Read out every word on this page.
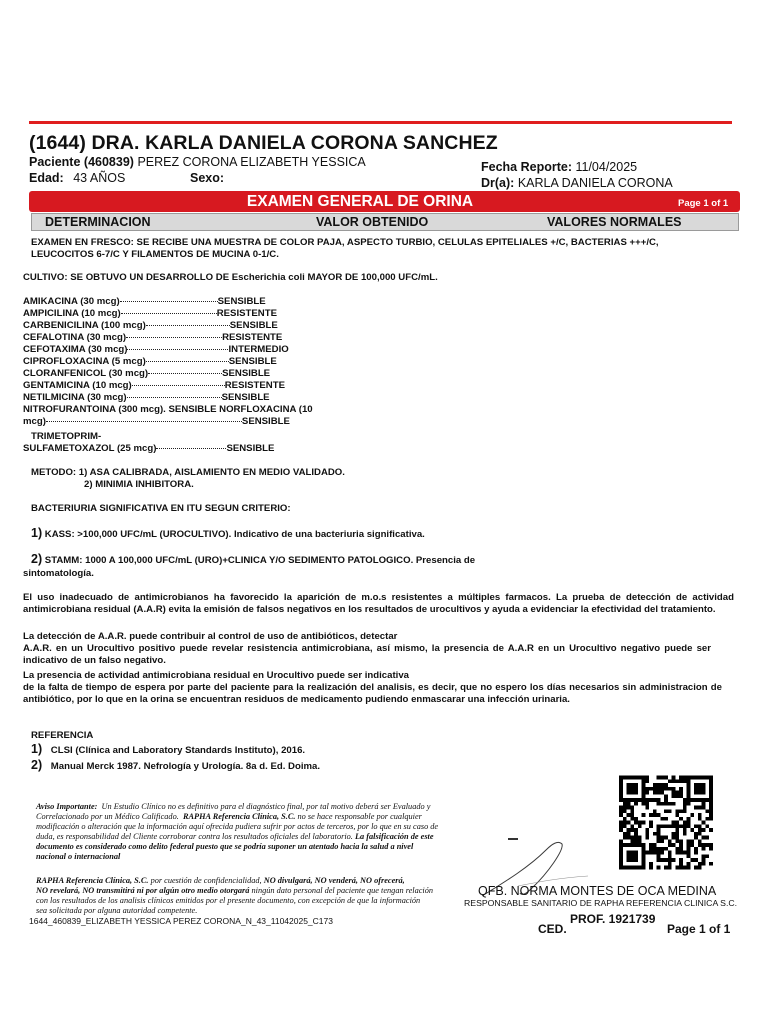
(1644) DRA. KARLA DANIELA CORONA SANCHEZ
Paciente (460839) PEREZ CORONA ELIZABETH YESSICA
Edad: 43 AÑOS	Sexo:
Fecha Reporte: 11/04/2025
Dr(a): KARLA DANIELA CORONA
EXAMEN GENERAL DE ORINA	Page 1 of 1
DETERMINACION	VALOR OBTENIDO	VALORES NORMALES
EXAMEN EN FRESCO: SE RECIBE UNA MUESTRA DE COLOR PAJA, ASPECTO TURBIO, CELULAS EPITELIALES +/C, BACTERIAS +++/C,
LEUCOCITOS 6-7/C Y FILAMENTOS DE MUCINA 0-1/C.
CULTIVO: SE OBTUVO UN DESARROLLO DE Escherichia coli MAYOR DE 100,000 UFC/mL.
AMIKACINA (30 mcg)	SENSIBLE
AMPICILINA (10 mcg)	RESISTENTE
CARBENICILINA (100 mcg)	SENSIBLE
CEFALOTINA (30 mcg)	RESISTENTE
CEFOTAXIMA (30 mcg)	INTERMEDIO
CIPROFLOXACINA (5 mcg)	SENSIBLE
CLORANFENICOL (30 mcg)	SENSIBLE
GENTAMICINA (10 mcg)	RESISTENTE
NETILMICINA (30 mcg)	SENSIBLE
NITROFURANTOINA (300 mcg). SENSIBLE NORFLOXACINA (10
mcg)	SENSIBLE
TRIMETOPRIM-
SULFAMETOXAZOL (25 mcg)	SENSIBLE
METODO: 1) ASA CALIBRADA, AISLAMIENTO EN MEDIO VALIDADO.
2) MINIMIA INHIBITORA.
BACTERIURIA SIGNIFICATIVA EN ITU SEGUN CRITERIO:
1) KASS: >100,000 UFC/mL (UROCULTIVO). Indicativo de una bacteriuria significativa.
2) STAMM: 1000 A 100,000 UFC/mL (URO)+CLINICA Y/O SEDIMENTO PATOLOGICO. Presencia de
sintomatología.
El uso inadecuado de antimicrobianos ha favorecido la aparición de m.o.s resistentes a múltiples farmacos. La prueba de detección de actividad antimicrobiana residual (A.A.R) evita la emisión de falsos negativos en los resultados de urocultivos y ayuda a evidenciar la efectividad del tratamiento.
La detección de A.A.R. puede contribuir al control de uso de antibióticos, detectar
A.A.R. en un Urocultivo positivo puede revelar resistencia antimicrobiana, así mismo, la presencia de A.A.R en un Urocultivo negativo puede ser indicativo de un falso negativo.
La presencia de actividad antimicrobiana residual en Urocultivo puede ser indicativa
de la falta de tiempo de espera por parte del paciente para la realización del analisis, es decir, que no espero los días necesarios sin administracion de antibiótico, por lo que en la orina se encuentran residuos de medicamento pudiendo enmascarar una infección urinaria.
REFERENCIA
1) CLSI (Clínica and Laboratory Standards Instituto), 2016.
2) Manual Merck 1987. Nefrología y Urología. 8a d. Ed. Doima.
Aviso Importante: Un Estudio Clínico no es definitivo para el diagnóstico final, por tal motivo deberá ser Evaluado y
Correlacionado por un Médico Calificado. RAPHA Referencia Clínica, S.C. no se hace responsable por cualquier
modificación o alteración que la información aquí ofrecida pudiera sufrir por actos de terceros, por lo que en su caso de
duda, es responsabilidad del Cliente corroborar contra los resultados oficiales del laboratorio. La falsificación de este
documento es considerado como delito federal puesto que se podría suponer un atentado hacia la salud a nivel
nacional o internacional
RAPHA Referencia Clínica, S.C. por cuestión de confidencialidad, NO divulgará, NO venderá, NO ofrecerá,
NO revelará, NO transmitirá ni por algún otro medio otorgará ningún dato personal del paciente que tengan relación
con los resultados de los analisis clínicos emitidos por el presente documento, con excepción de que la información
sea solicitada por alguna autoridad competente.
1644_460839_ELIZABETH YESSICA PEREZ CORONA_N_43_11042025_C173
QFB. NORMA MONTES DE OCA MEDINA
RESPONSABLE SANITARIO DE RAPHA REFERENCIA CLINICA S.C.
PROF. 1921739
CED.	Page 1 of 1
